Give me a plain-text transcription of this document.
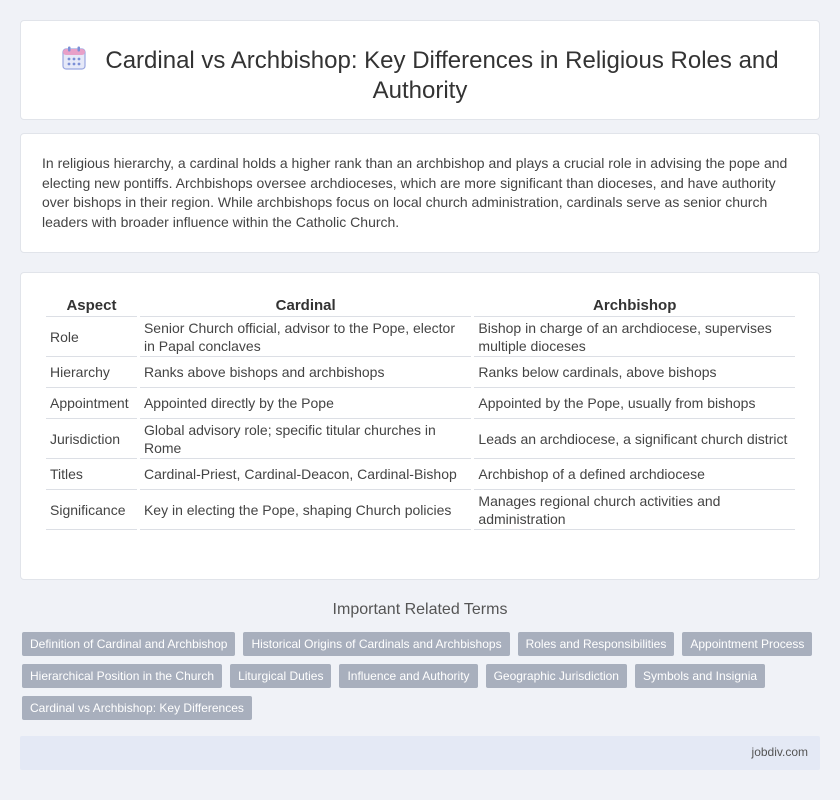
Cardinal vs Archbishop: Key Differences in Religious Roles and Authority

In religious hierarchy, a cardinal holds a higher rank than an archbishop and plays a crucial role in advising the pope and electing new pontiffs. Archbishops oversee archdioceses, which are more significant than dioceses, and have authority over bishops in their region. While archbishops focus on local church administration, cardinals serve as senior church leaders with broader influence within the Catholic Church.

Aspect	Cardinal	Archbishop
Role	Senior Church official, advisor to the Pope, elector in Papal conclaves	Bishop in charge of an archdiocese, supervises multiple dioceses
Hierarchy	Ranks above bishops and archbishops	Ranks below cardinals, above bishops
Appointment	Appointed directly by the Pope	Appointed by the Pope, usually from bishops
Jurisdiction	Global advisory role; specific titular churches in Rome	Leads an archdiocese, a significant church district
Titles	Cardinal-Priest, Cardinal-Deacon, Cardinal-Bishop	Archbishop of a defined archdiocese
Significance	Key in electing the Pope, shaping Church policies	Manages regional church activities and administration
Important Related Terms
Definition of Cardinal and Archbishop	Historical Origins of Cardinals and Archbishops	Roles and Responsibilities	Appointment Process
Hierarchical Position in the Church	Liturgical Duties	Influence and Authority	Geographic Jurisdiction	Symbols and Insignia
Cardinal vs Archbishop: Key Differences
jobdiv.com
